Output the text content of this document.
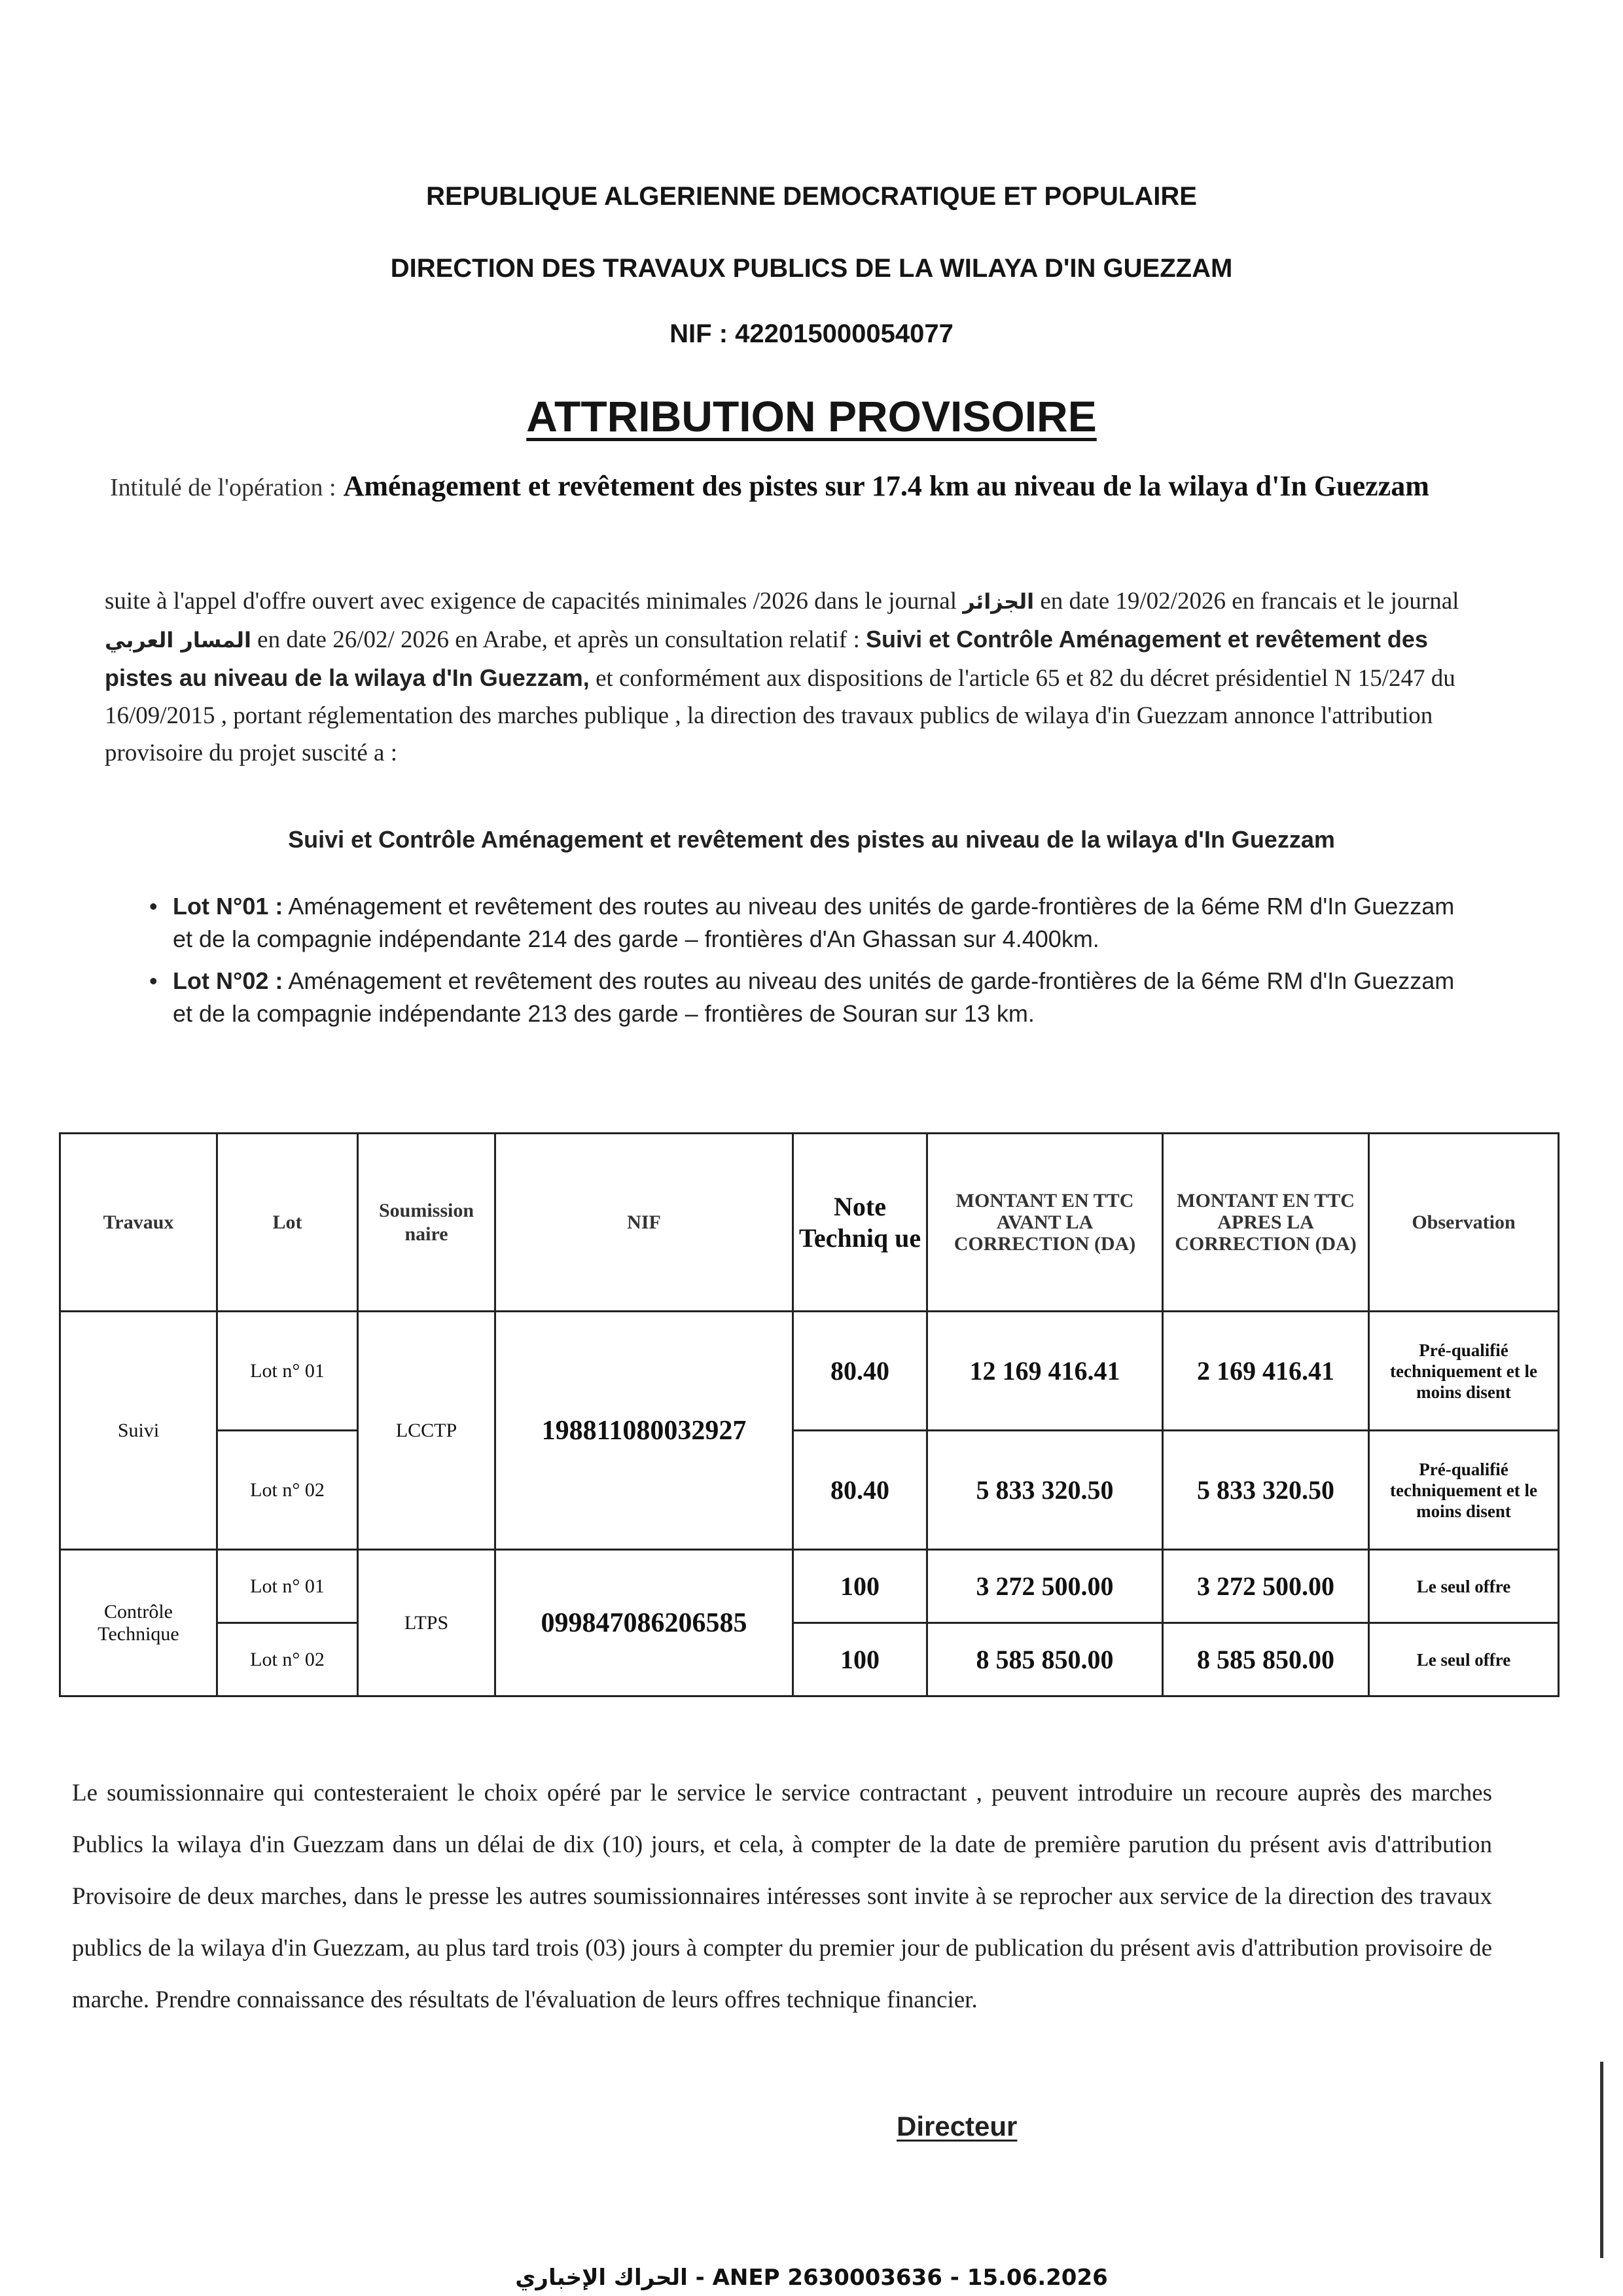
REPUBLIQUE ALGERIENNE DEMOCRATIQUE ET POPULAIRE
DIRECTION DES TRAVAUX PUBLICS DE LA WILAYA D'IN GUEZZAM
NIF : 422015000054077
ATTRIBUTION PROVISOIRE
Intitulé de l'opération : Aménagement et revêtement des pistes sur 17.4 km au niveau de la wilaya d'In Guezzam
suite à l'appel d'offre ouvert avec exigence de capacités minimales /2026 dans le journal الجزائر en date 19/02/2026 en francais et le journal المسار العربي en date 26/02/ 2026 en Arabe, et après un consultation relatif : Suivi et Contrôle Aménagement et revêtement des pistes au niveau de la wilaya d'In Guezzam, et conformément aux dispositions de l'article 65 et 82 du décret présidentiel N 15/247 du 16/09/2015 , portant réglementation des marches publique , la direction des travaux publics de wilaya d'in Guezzam annonce l'attribution provisoire du projet suscité a :
Suivi et Contrôle Aménagement et revêtement des pistes au niveau de la wilaya d'In Guezzam
• Lot N°01 : Aménagement et revêtement des routes au niveau des unités de garde-frontières de la 6éme RM d'In Guezzam et de la compagnie indépendante 214 des garde – frontières d'An Ghassan sur 4.400km.
• Lot N°02 : Aménagement et revêtement des routes au niveau des unités de garde-frontières de la 6éme RM d'In Guezzam et de la compagnie indépendante 213 des garde – frontières de Souran sur 13 km.
Travaux	Lot	Soumission naire	NIF	Note Techniq ue	MONTANT EN TTC AVANT LA CORRECTION (DA)	MONTANT EN TTC APRES LA CORRECTION (DA)	Observation
Suivi	Lot n° 01	LCCTP	198811080032927	80.40	12 169 416.41	2 169 416.41	Pré-qualifié techniquement et le moins disent
	Lot n° 02			80.40	5 833 320.50	5 833 320.50	Pré-qualifié techniquement et le moins disent
Contrôle Technique	Lot n° 01	LTPS	099847086206585	100	3 272 500.00	3 272 500.00	Le seul offre
	Lot n° 02			100	8 585 850.00	8 585 850.00	Le seul offre
Le soumissionnaire qui contesteraient le choix opéré par le service le service contractant , peuvent introduire un recoure auprès des marches Publics la wilaya d'in Guezzam dans un délai de dix (10) jours, et cela, à compter de la date de première parution du présent avis d'attribution Provisoire de deux marches, dans le presse les autres soumissionnaires intéresses sont invite à se reprocher aux service de la direction des travaux publics de la wilaya d'in Guezzam, au plus tard trois (03) jours à compter du premier jour de publication du présent avis d'attribution provisoire de marche. Prendre connaissance des résultats de l'évaluation de leurs offres technique financier.
Directeur
الحراك الإخباري - ANEP 2630003636 - 15.06.2026
